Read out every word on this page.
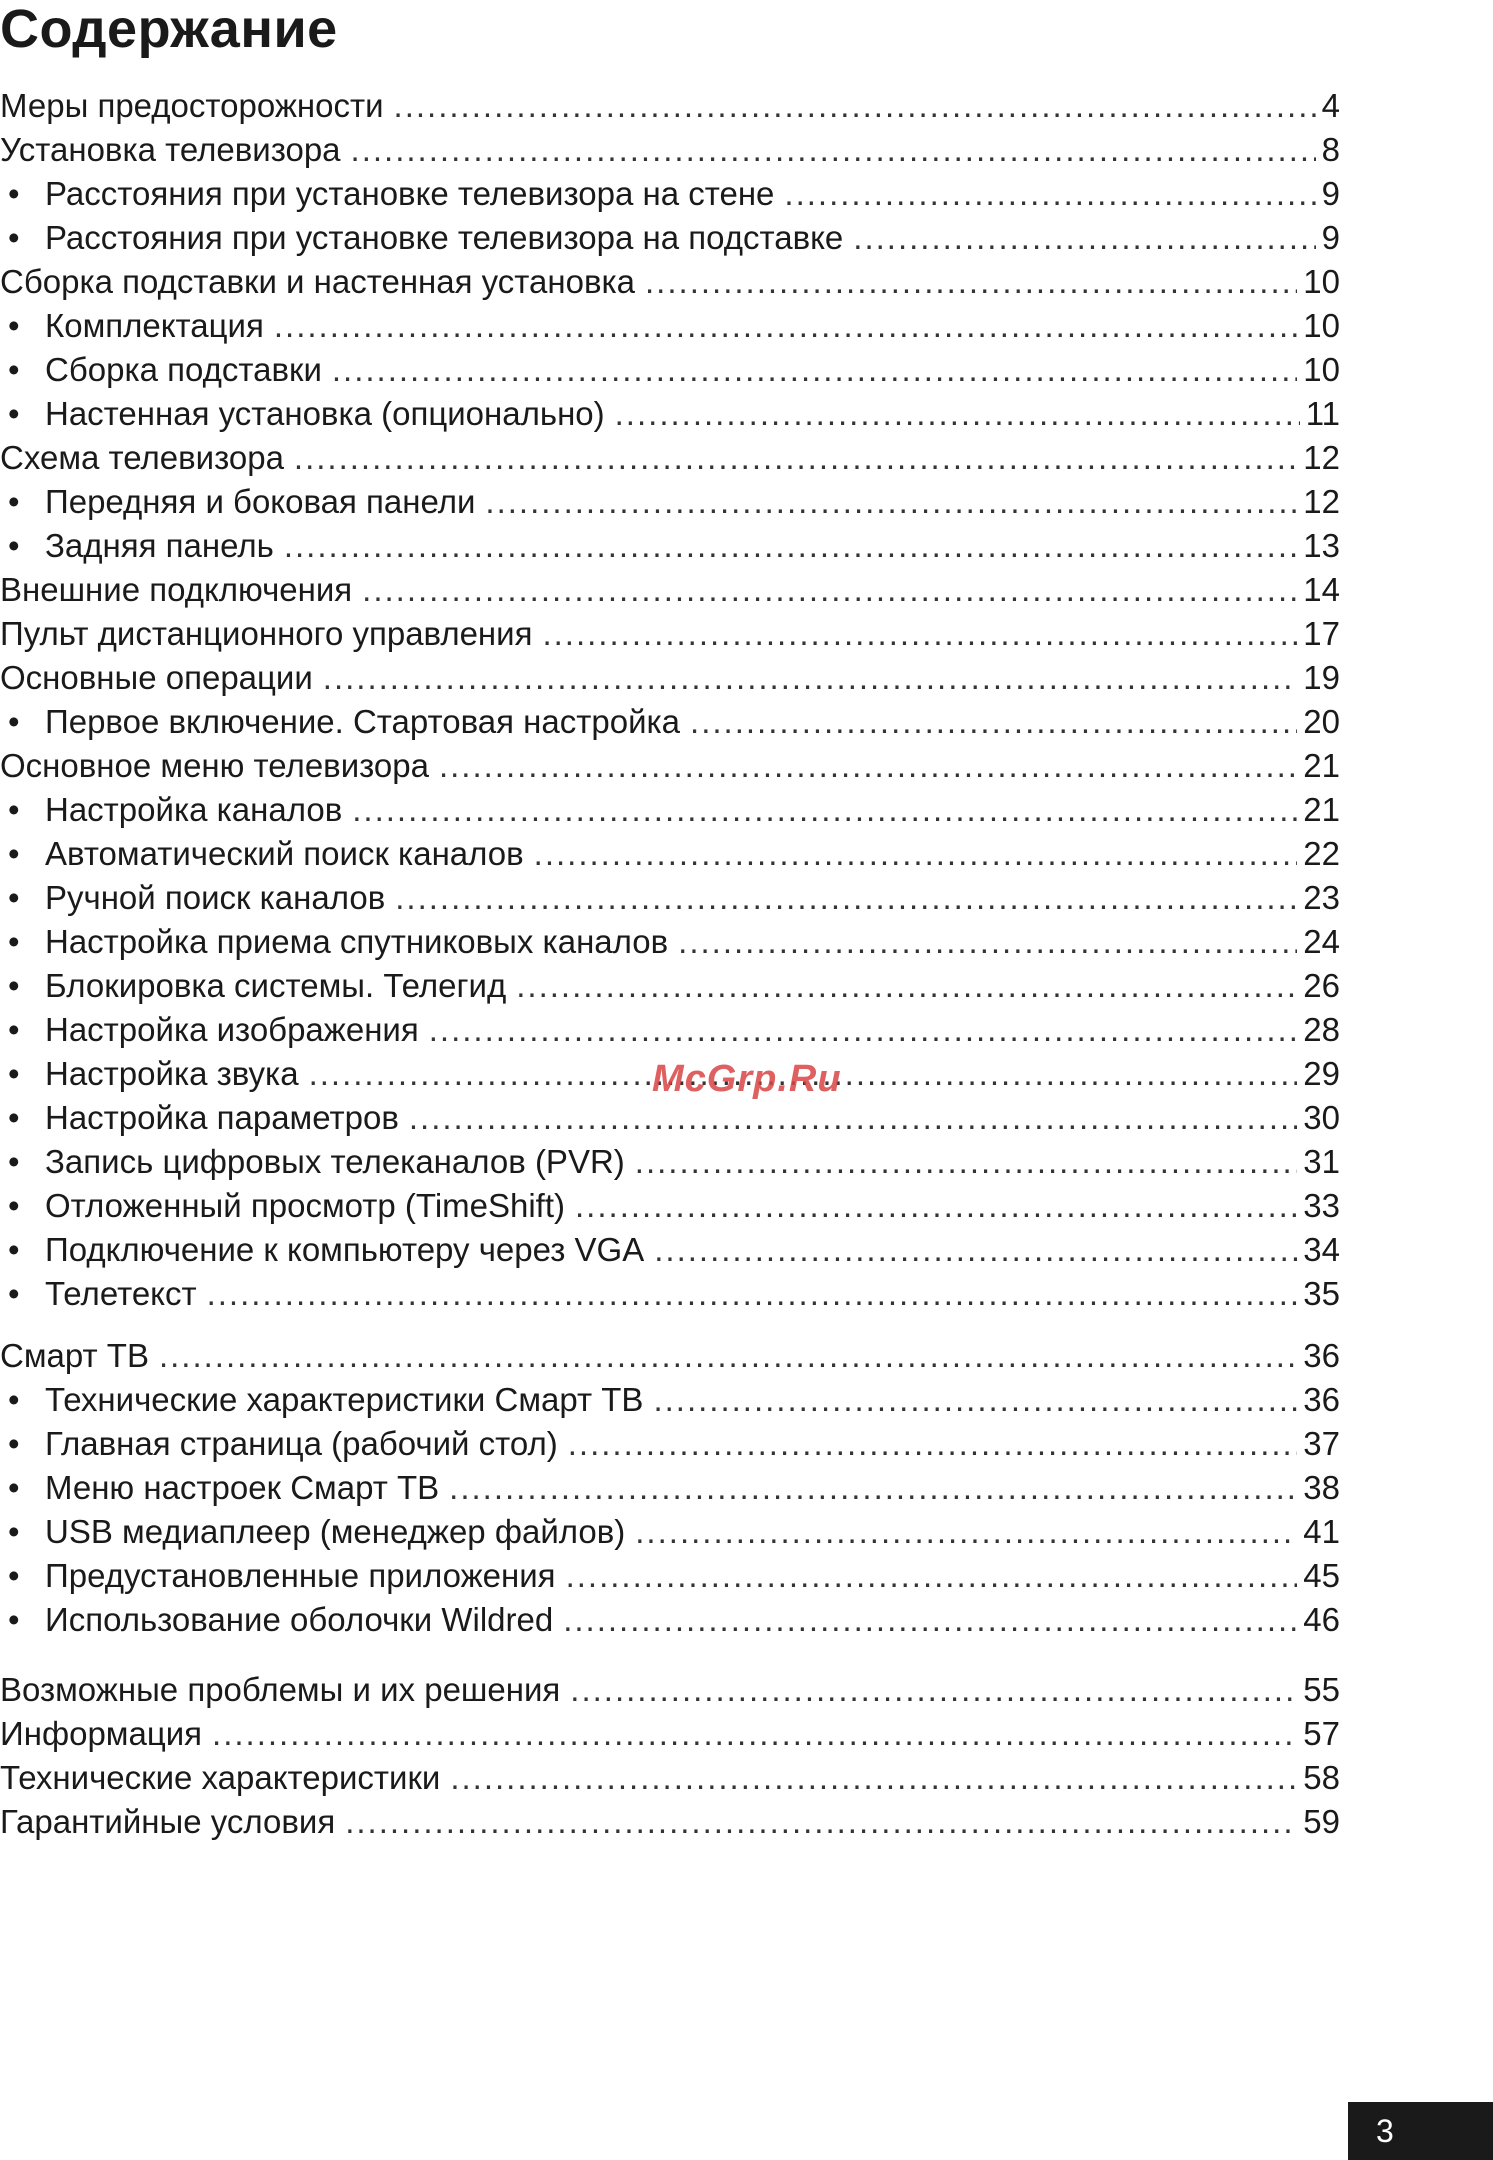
Содержание
Меры предосторожности .....	4
Установка телевизора .....	8
• Расстояния при установке телевизора на стене .....	9
• Расстояния при установке телевизора на подставке .....	9
Сборка подставки и настенная установка .....	10
• Комплектация .....	10
• Сборка подставки .....	10
• Настенная установка (опционально) .....	11
Схема телевизора .....	12
• Передняя и боковая панели .....	12
• Задняя панель .....	13
Внешние подключения .....	14
Пульт дистанционного управления .....	17
Основные операции .....	19
• Первое включение. Стартовая настройка .....	20
Основное меню телевизора .....	21
• Настройка каналов .....	21
• Автоматический поиск каналов .....	22
• Ручной поиск каналов .....	23
• Настройка приема спутниковых каналов .....	24
• Блокировка системы. Телегид .....	26
• Настройка изображения .....	28
• Настройка звука .....	29
• Настройка параметров .....	30
• Запись цифровых телеканалов (PVR) .....	31
• Отложенный просмотр (TimeShift) .....	33
• Подключение к компьютеру через VGA .....	34
• Телетекст .....	35
Смарт ТВ .....	36
• Технические характеристики Смарт ТВ .....	36
• Главная страница (рабочий стол) .....	37
• Меню настроек Смарт ТВ .....	38
• USB медиаплеер (менеджер файлов) .....	41
• Предустановленные приложения .....	45
• Использование оболочки Wildred .....	46
Возможные проблемы и их решения .....	55
Информация .....	57
Технические характеристики .....	58
Гарантийные условия .....	59
McGrp.Ru
3
